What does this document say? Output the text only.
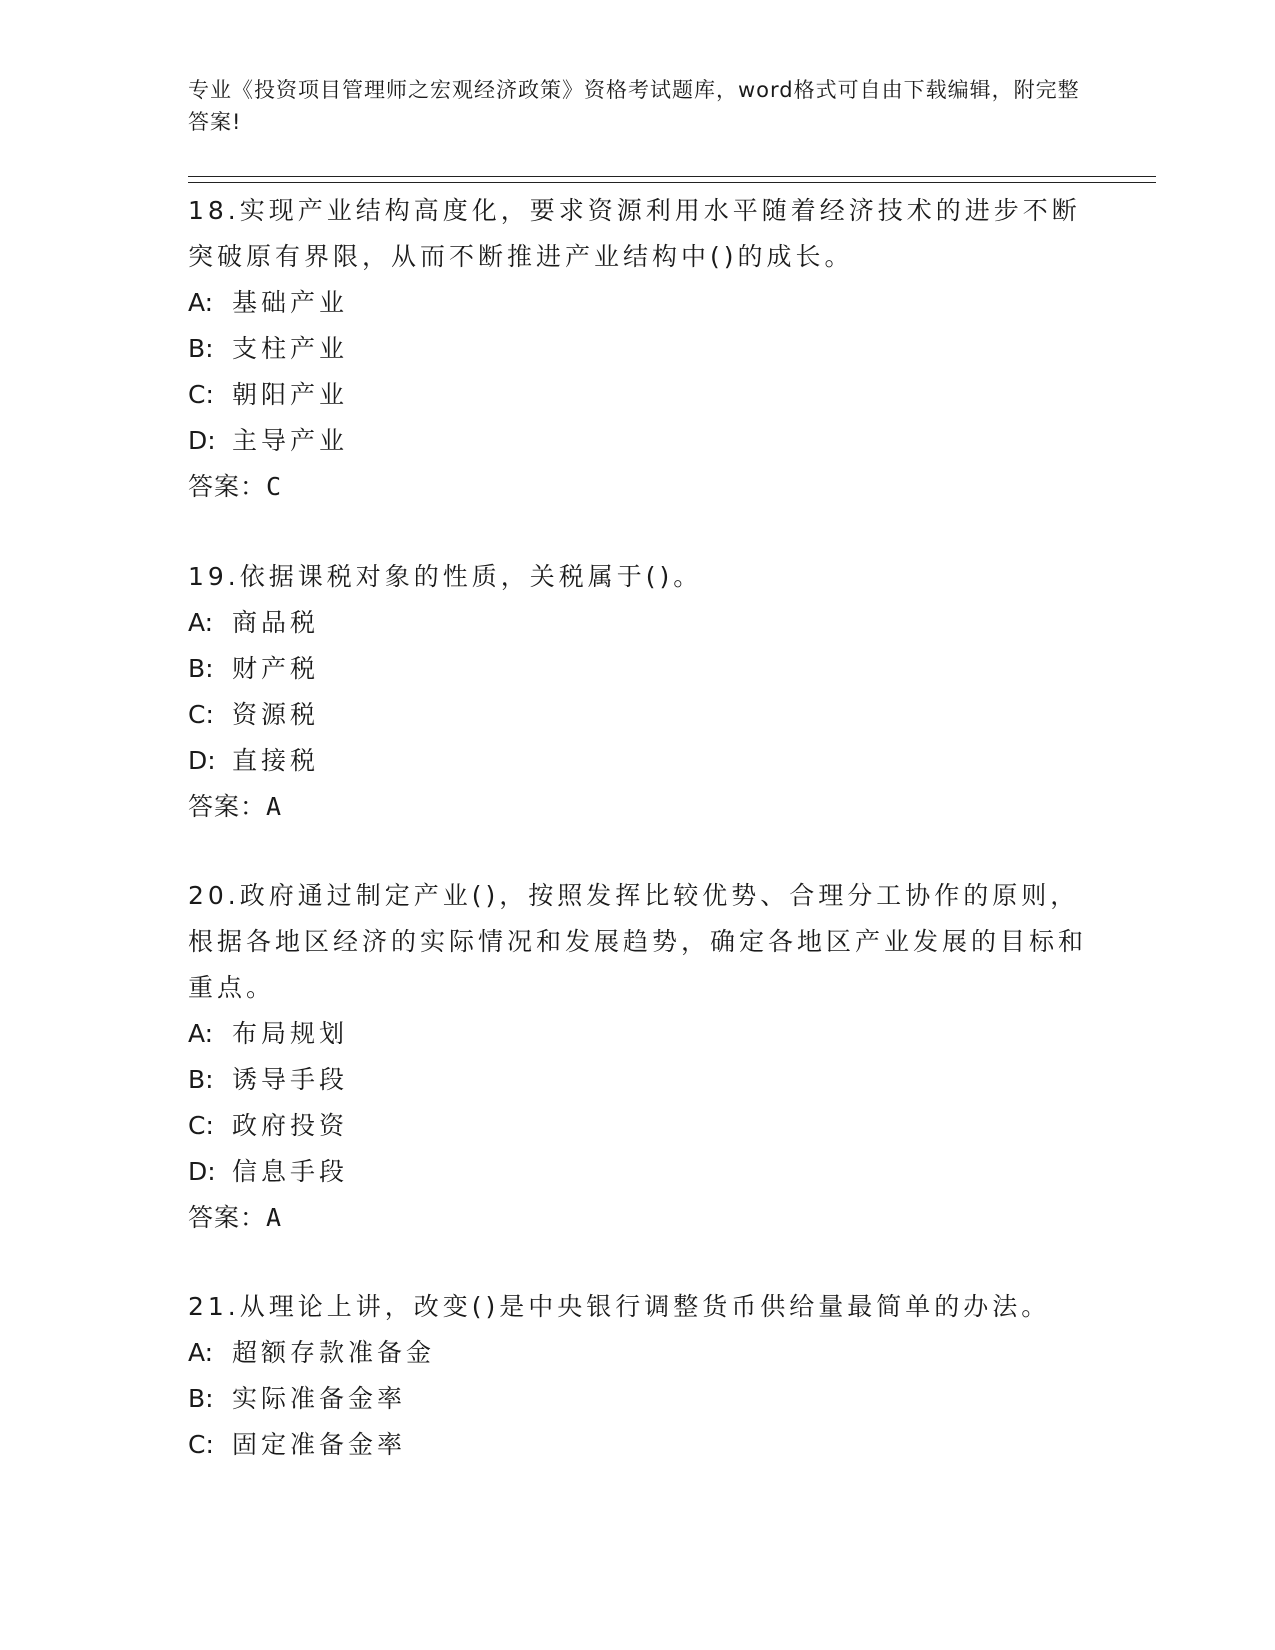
专业《投资项目管理师之宏观经济政策》资格考试题库，word格式可自由下载编辑，附完整答案!

18.实现产业结构高度化，要求资源利用水平随着经济技术的进步不断突破原有界限，从而不断推进产业结构中()的成长。

A: 基础产业
B: 支柱产业
C: 朝阳产业
D: 主导产业
答案：C

19.依据课税对象的性质，关税属于()。

A: 商品税
B: 财产税
C: 资源税
D: 直接税
答案：A

20.政府通过制定产业()，按照发挥比较优势、合理分工协作的原则，根据各地区经济的实际情况和发展趋势，确定各地区产业发展的目标和重点。

A: 布局规划
B: 诱导手段
C: 政府投资
D: 信息手段
答案：A

21.从理论上讲，改变()是中央银行调整货币供给量最简单的办法。

A: 超额存款准备金
B: 实际准备金率
C: 固定准备金率
